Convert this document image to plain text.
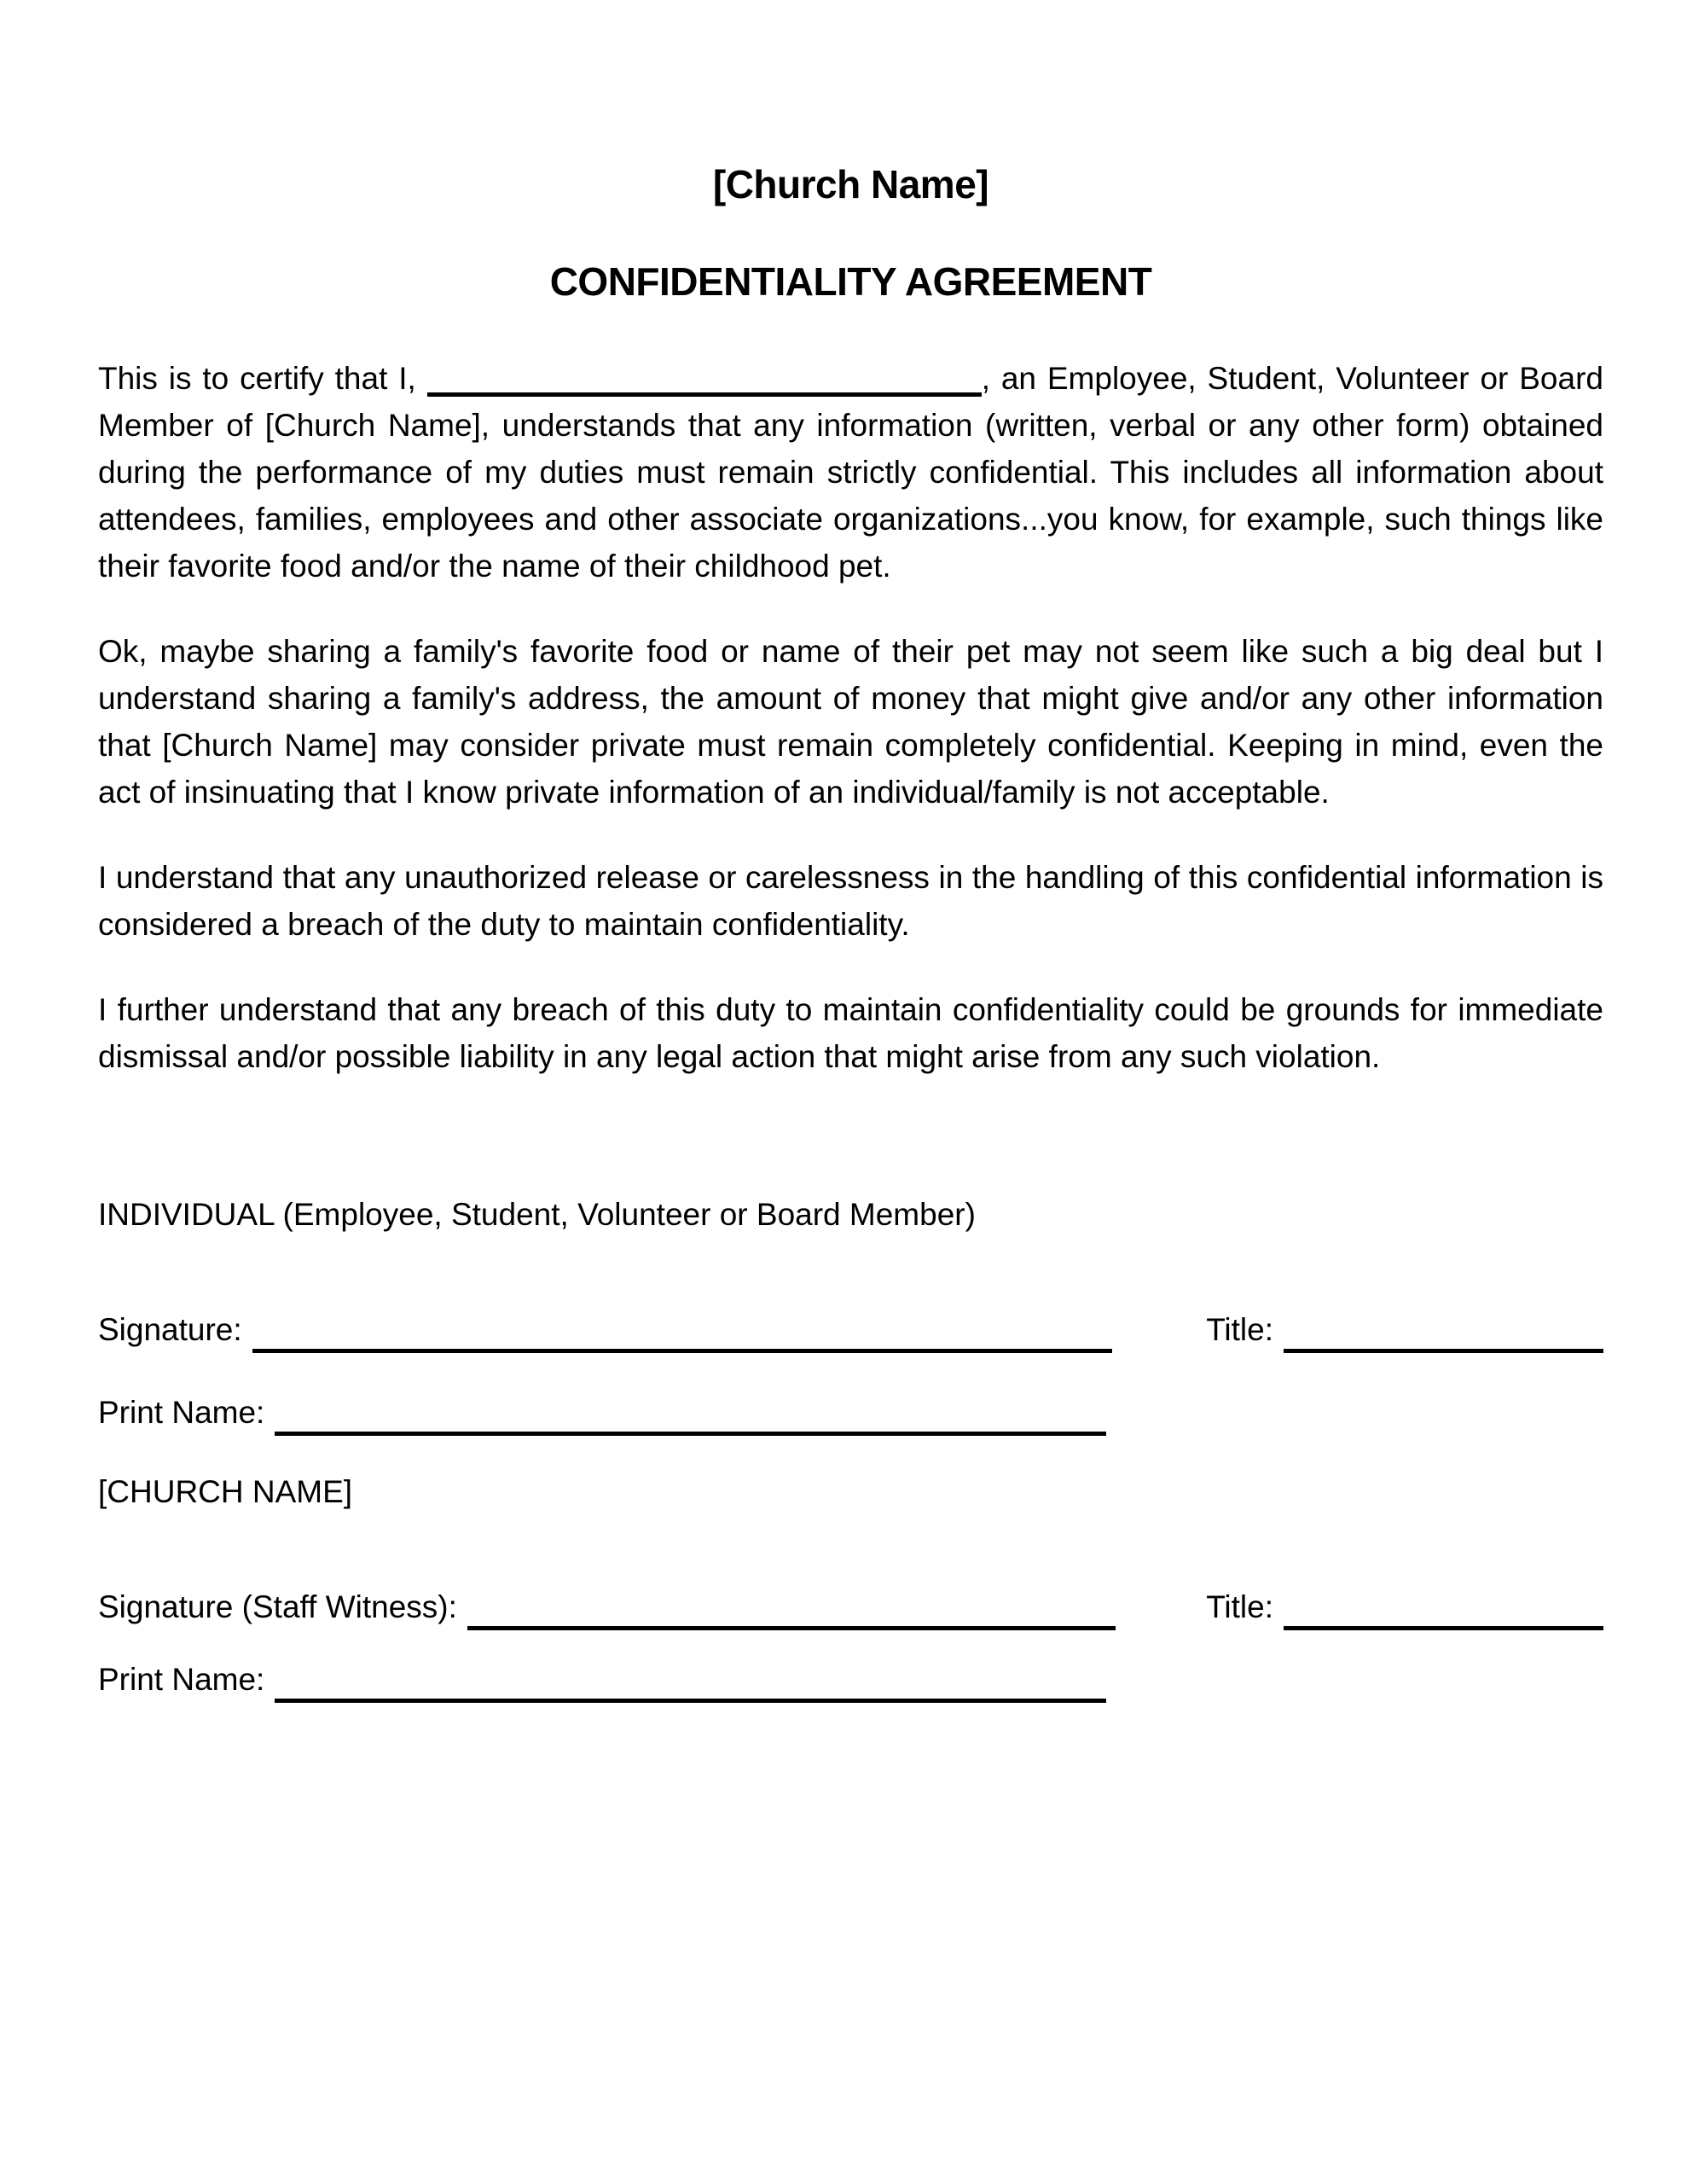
[Church Name]
CONFIDENTIALITY AGREEMENT

This is to certify that I,	, an Employee, Student, Volunteer or Board Member of [Church Name], understands that any information (written, verbal or any other form) obtained during the performance of my duties must remain strictly confidential. This includes all information about attendees, families, employees and other associate organizations...you know, for example, such things like their favorite food and/or the name of their childhood pet.

Ok, maybe sharing a family's favorite food or name of their pet may not seem like such a big deal but I understand sharing a family's address, the amount of money that might give and/or any other information that [Church Name] may consider private must remain completely confidential. Keeping in mind, even the act of insinuating that I know private information of an individual/family is not acceptable.

I understand that any unauthorized release or carelessness in the handling of this confidential information is considered a breach of the duty to maintain confidentiality.

I further understand that any breach of this duty to maintain confidentiality could be grounds for immediate dismissal and/or possible liability in any legal action that might arise from any such violation.

INDIVIDUAL (Employee, Student, Volunteer or Board Member)
Signature:	Title:
Print Name:
[CHURCH NAME]
Signature (Staff Witness):	Title:
Print Name:
